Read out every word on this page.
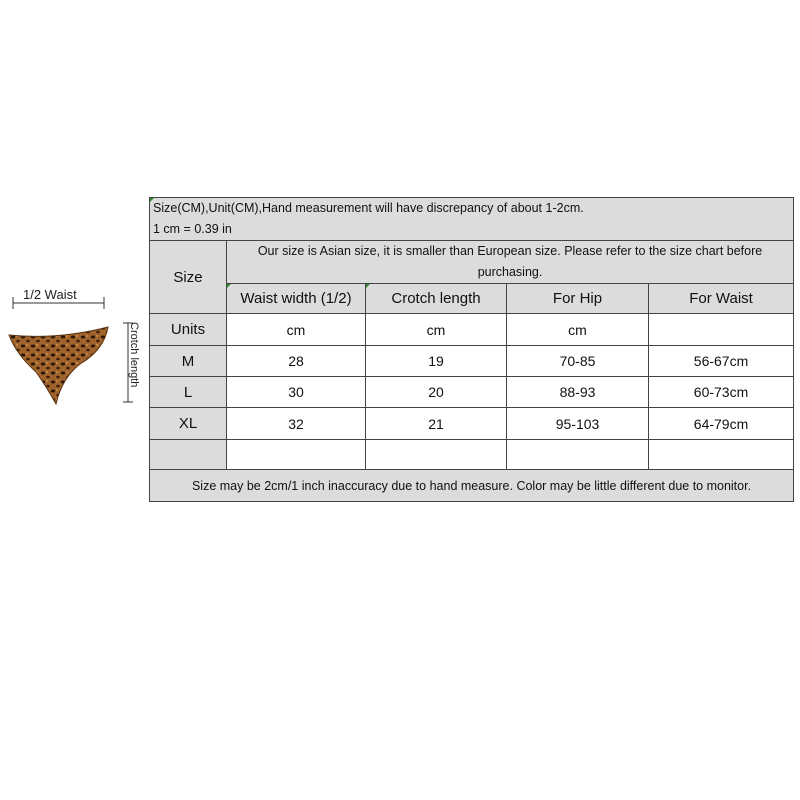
1/2 Waist
Crotch length
Size(CM),Unit(CM),Hand measurement will have discrepancy of about 1-2cm.
1 cm = 0.39 in				

Size	Our size is Asian size, it is smaller than European size. Please refer to the size chart before purchasing.			
	Waist width (1/2)	Crotch length	For Hip	For Waist
Units	cm	cm	cm	
M	28	19	70-85	56-67cm
L	30	20	88-93	60-73cm
XL	32	21	95-103	64-79cm

Size may be 2cm/1 inch inaccuracy due to hand measure. Color may be little different due to monitor.				
